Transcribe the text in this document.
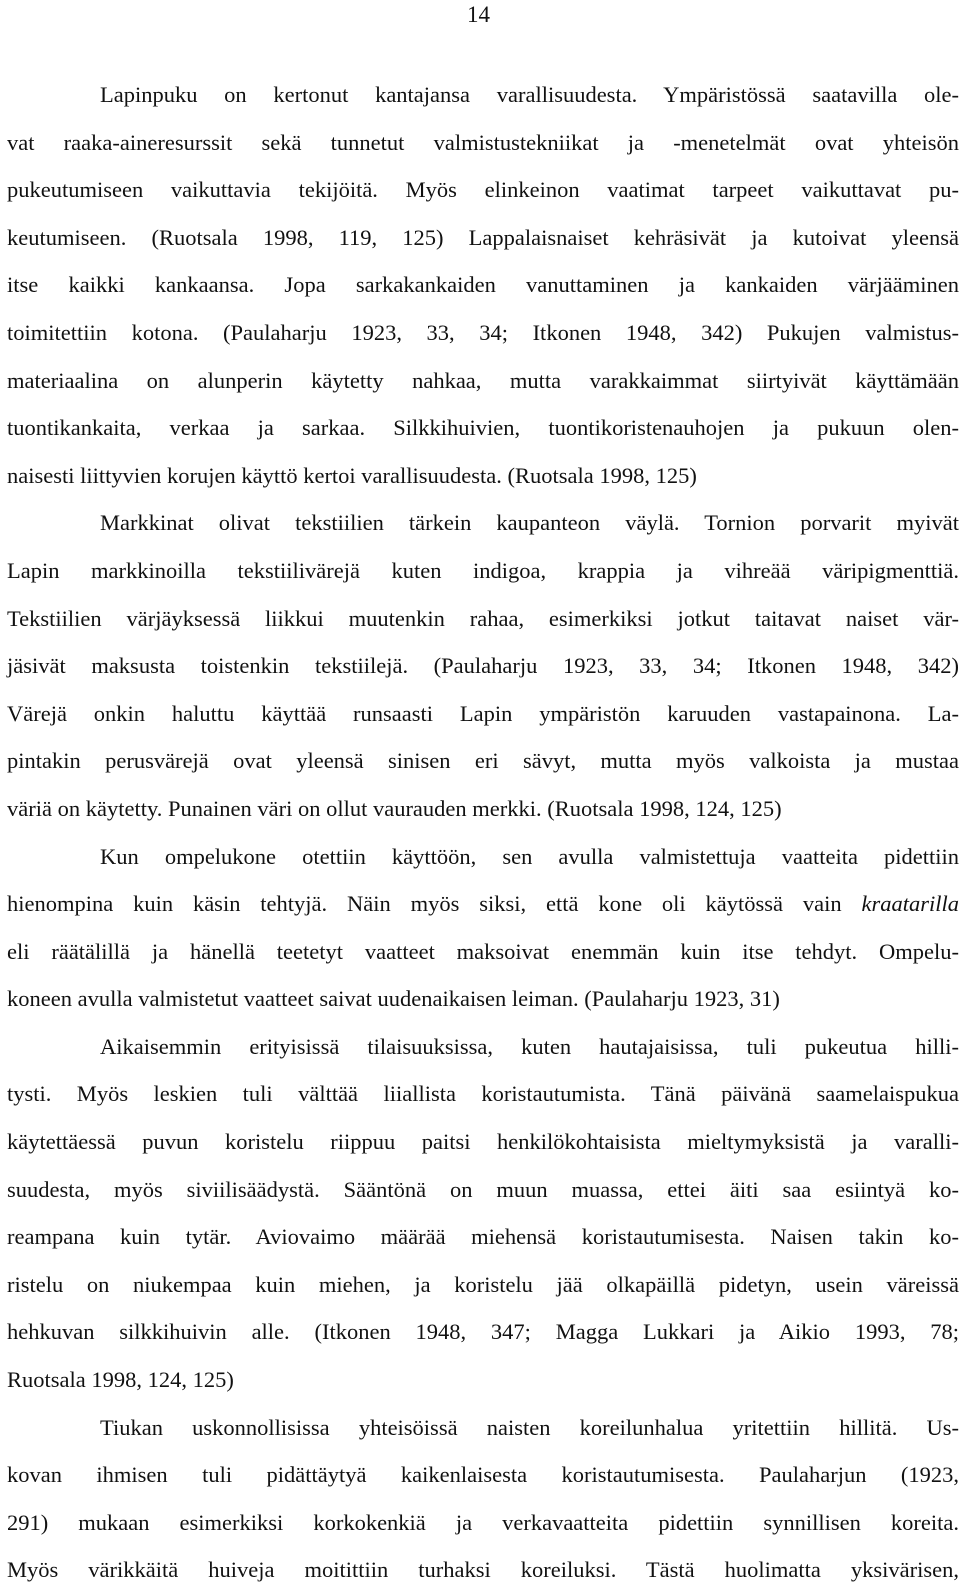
14

Lapinpuku on kertonut kantajansa varallisuudesta. Ympäristössä saatavilla ole-
vat raaka-aineresurssit sekä tunnetut valmistustekniikat ja -menetelmät ovat yhteisön
pukeutumiseen vaikuttavia tekijöitä. Myös elinkeinon vaatimat tarpeet vaikuttavat pu-
keutumiseen. (Ruotsala 1998, 119, 125) Lappalaisnaiset kehräsivät ja kutoivat yleensä
itse kaikki kankaansa. Jopa sarkakankaiden vanuttaminen ja kankaiden värjääminen
toimitettiin kotona. (Paulaharju 1923, 33, 34; Itkonen 1948, 342) Pukujen valmistus-
materiaalina on alunperin käytetty nahkaa, mutta varakkaimmat siirtyivät käyttämään
tuontikankaita, verkaa ja sarkaa. Silkkihuivien, tuontikoristenauhojen ja pukuun olen-
naisesti liittyvien korujen käyttö kertoi varallisuudesta. (Ruotsala 1998, 125)

Markkinat olivat tekstiilien tärkein kaupanteon väylä. Tornion porvarit myivät
Lapin markkinoilla tekstiilivärejä kuten indigoa, krappia ja vihreää väripigmenttiä.
Tekstiilien värjäyksessä liikkui muutenkin rahaa, esimerkiksi jotkut taitavat naiset vär-
jäsivät maksusta toistenkin tekstiilejä. (Paulaharju 1923, 33, 34; Itkonen 1948, 342)
Värejä onkin haluttu käyttää runsaasti Lapin ympäristön karuuden vastapainona. La-
pintakin perusvärejä ovat yleensä sinisen eri sävyt, mutta myös valkoista ja mustaa
väriä on käytetty. Punainen väri on ollut vaurauden merkki. (Ruotsala 1998, 124, 125)

Kun ompelukone otettiin käyttöön, sen avulla valmistettuja vaatteita pidettiin
hienompina kuin käsin tehtyjä. Näin myös siksi, että kone oli käytössä vain kraatarilla
eli räätälillä ja hänellä teetetyt vaatteet maksoivat enemmän kuin itse tehdyt. Ompelu-
koneen avulla valmistetut vaatteet saivat uudenaikaisen leiman. (Paulaharju 1923, 31)

Aikaisemmin erityisissä tilaisuuksissa, kuten hautajaisissa, tuli pukeutua hilli-
tysti. Myös leskien tuli välttää liiallista koristautumista. Tänä päivänä saamelaispukua
käytettäessä puvun koristelu riippuu paitsi henkilökohtaisista mieltymyksistä ja varalli-
suudesta, myös siviilisäädystä. Sääntönä on muun muassa, ettei äiti saa esiintyä ko-
reampana kuin tytär. Aviovaimo määrää miehensä koristautumisesta. Naisen takin ko-
ristelu on niukempaa kuin miehen, ja koristelu jää olkapäillä pidetyn, usein väreissä
hehkuvan silkkihuivin alle. (Itkonen 1948, 347; Magga Lukkari ja Aikio 1993, 78;
Ruotsala 1998, 124, 125)

Tiukan uskonnollisissa yhteisöissä naisten koreilunhalua yritettiin hillitä. Us-
kovan ihmisen tuli pidättäytyä kaikenlaisesta koristautumisesta. Paulaharjun (1923,
291) mukaan esimerkiksi korkokenkiä ja verkavaatteita pidettiin synnillisen koreita.
Myös värikkäitä huiveja moitittiin turhaksi koreiluksi. Tästä huolimatta yksivärisen,
